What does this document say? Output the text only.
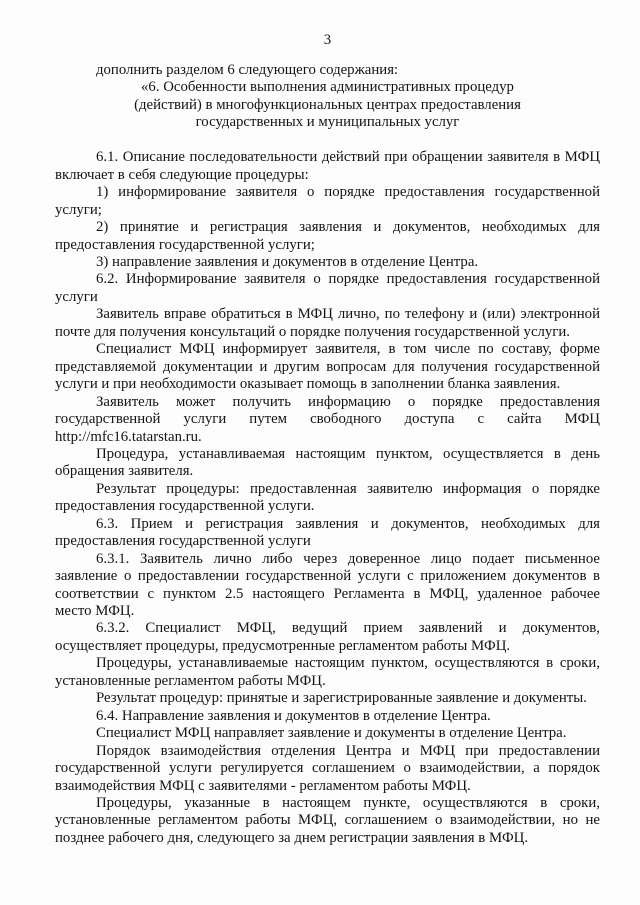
3
дополнить разделом 6 следующего содержания:
«6. Особенности выполнения административных процедур
(действий) в многофункциональных центрах предоставления
государственных и муниципальных услуг
6.1. Описание последовательности действий при обращении заявителя в МФЦ
включает в себя следующие процедуры:
1) информирование заявителя о порядке предоставления государственной
услуги;
2) принятие и регистрация заявления и документов, необходимых для
предоставления государственной услуги;
3) направление заявления и документов в отделение Центра.
6.2. Информирование заявителя о порядке предоставления государственной
услуги
Заявитель вправе обратиться в МФЦ лично, по телефону и (или) электронной
почте для получения консультаций о порядке получения государственной услуги.
Специалист МФЦ информирует заявителя, в том числе по составу, форме
представляемой документации и другим вопросам для получения государственной
услуги и при необходимости оказывает помощь в заполнении бланка заявления.
Заявитель может получить информацию о порядке предоставления
государственной услуги путем свободного доступа с сайта МФЦ
http://mfc16.tatarstan.ru.
Процедура, устанавливаемая настоящим пунктом, осуществляется в день
обращения заявителя.
Результат процедуры: предоставленная заявителю информация о порядке
предоставления государственной услуги.
6.3. Прием и регистрация заявления и документов, необходимых для
предоставления государственной услуги
6.3.1. Заявитель лично либо через доверенное лицо подает письменное
заявление о предоставлении государственной услуги с приложением документов в
соответствии с пунктом 2.5 настоящего Регламента в МФЦ, удаленное рабочее
место МФЦ.
6.3.2. Специалист МФЦ, ведущий прием заявлений и документов,
осуществляет процедуры, предусмотренные регламентом работы МФЦ.
Процедуры, устанавливаемые настоящим пунктом, осуществляются в сроки,
установленные регламентом работы МФЦ.
Результат процедур: принятые и зарегистрированные заявление и документы.
6.4. Направление заявления и документов в отделение Центра.
Специалист МФЦ направляет заявление и документы в отделение Центра.
Порядок взаимодействия отделения Центра и МФЦ при предоставлении
государственной услуги регулируется соглашением о взаимодействии, а порядок
взаимодействия МФЦ с заявителями - регламентом работы МФЦ.
Процедуры, указанные в настоящем пункте, осуществляются в сроки,
установленные регламентом работы МФЦ, соглашением о взаимодействии, но не
позднее рабочего дня, следующего за днем регистрации заявления в МФЦ.
